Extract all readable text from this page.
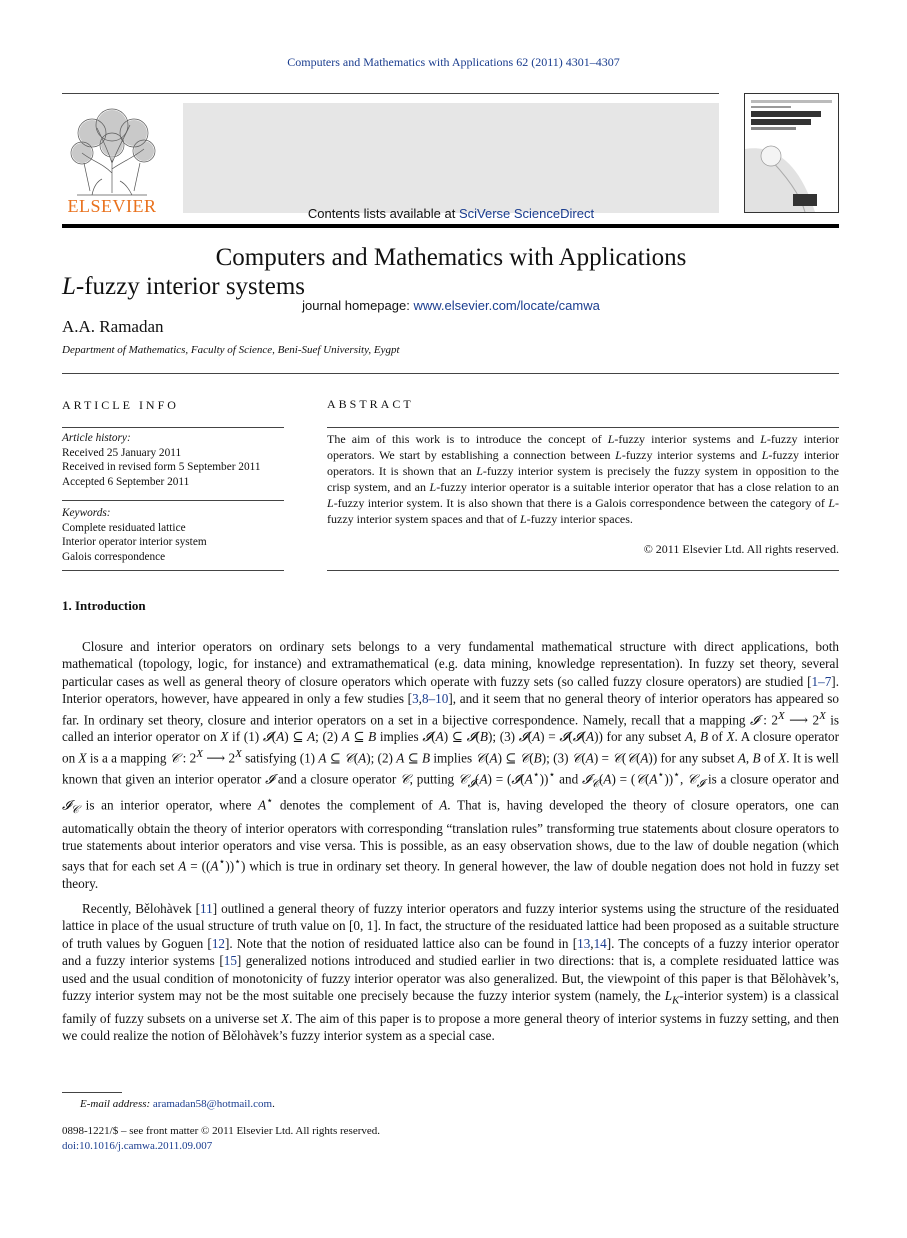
Computers and Mathematics with Applications 62 (2011) 4301–4307
ELSEVIER	Contents lists available at SciVerse ScienceDirect
Computers and Mathematics with Applications
journal homepage: www.elsevier.com/locate/camwa
L-fuzzy interior systems
A.A. Ramadan
Department of Mathematics, Faculty of Science, Beni-Suef University, Eygpt
ARTICLE INFO	ABSTRACT
Article history:
Received 25 January 2011
Received in revised form 5 September 2011
Accepted 6 September 2011
Keywords:
Complete residuated lattice
Interior operator interior system
Galois correspondence
The aim of this work is to introduce the concept of L-fuzzy interior systems and L-fuzzy interior operators. We start by establishing a connection between L-fuzzy interior systems and L-fuzzy interior operators. It is shown that an L-fuzzy interior system is precisely the fuzzy system in opposition to the crisp system, and an L-fuzzy interior operator is a suitable interior operator that has a close relation to an L-fuzzy interior system. It is also shown that there is a Galois correspondence between the category of L-fuzzy interior system spaces and that of L-fuzzy interior spaces.
© 2011 Elsevier Ltd. All rights reserved.
1. Introduction

Closure and interior operators on ordinary sets belongs to a very fundamental mathematical structure with direct applications, both mathematical (topology, logic, for instance) and extramathematical (e.g. data mining, knowledge representation). In fuzzy set theory, several particular cases as well as general theory of closure operators which operate with fuzzy sets (so called fuzzy closure operators) are studied [1–7]. Interior operators, however, have appeared in only a few studies [3,8–10], and it seem that no general theory of interior operators has appeared so far. In ordinary set theory, closure and interior operators on a set in a bijective correspondence. Namely, recall that a mapping 𝓘 : $2^X$ ⟶ $2^X$ is called an interior operator on X if (1) 𝓘(A) ⊆ A; (2) A ⊆ B implies 𝓘(A) ⊆ 𝓘(B); (3) 𝓘(A) = 𝓘(𝓘(A)) for any subset A, B of X. A closure operator on X is a a mapping 𝒞 : $2^X$ ⟶ $2^X$ satisfying (1) A ⊆ 𝒞(A); (2) A ⊆ B implies 𝒞(A) ⊆ 𝒞(B); (3) 𝒞(A) = 𝒞(𝒞(A)) for any subset A, B of X. It is well known that given an interior operator 𝓘 and a closure operator 𝒞, putting 𝒞$_𝓘$(A) = (𝓘(A⋆))⋆ and 𝓘$_𝒞$(A) = (𝒞(A⋆))⋆, 𝒞$_𝓘$ is a closure operator and 𝓘$_𝒞$ is an interior operator, where A⋆ denotes the complement of A. That is, having developed the theory of closure operators, one can automatically obtain the theory of interior operators with corresponding “translation rules” transforming true statements about closure operators to true statements about interior operators and vise versa. This is possible, as an easy observation shows, due to the law of double negation (which says that for each set A = ((A⋆))⋆) which is true in ordinary set theory. In general however, the law of double negation does not hold in fuzzy set theory.

Recently, Bělohàvek [11] outlined a general theory of fuzzy interior operators and fuzzy interior systems using the structure of the residuated lattice in place of the usual structure of truth value on [0, 1]. In fact, the structure of the residuated lattice had been proposed as a suitable structure of truth values by Goguen [12]. Note that the notion of residuated lattice also can be found in [13,14]. The concepts of a fuzzy interior operator and a fuzzy interior systems [15] generalized notions introduced and studied earlier in two directions: that is, a complete residuated lattice was used and the usual condition of monotonicity of fuzzy interior operator was also generalized. But, the viewpoint of this paper is that Bělohàvek’s, fuzzy interior system may not be the most suitable one precisely because the fuzzy interior system (namely, the $L_K$-interior system) is a classical family of fuzzy subsets on a universe set X. The aim of this paper is to propose a more general theory of interior systems in fuzzy setting, and then we could realize the notion of Bělohàvek’s fuzzy interior system as a special case.

E-mail address: aramadan58@hotmail.com.
0898-1221/$ – see front matter © 2011 Elsevier Ltd. All rights reserved.
doi:10.1016/j.camwa.2011.09.007
